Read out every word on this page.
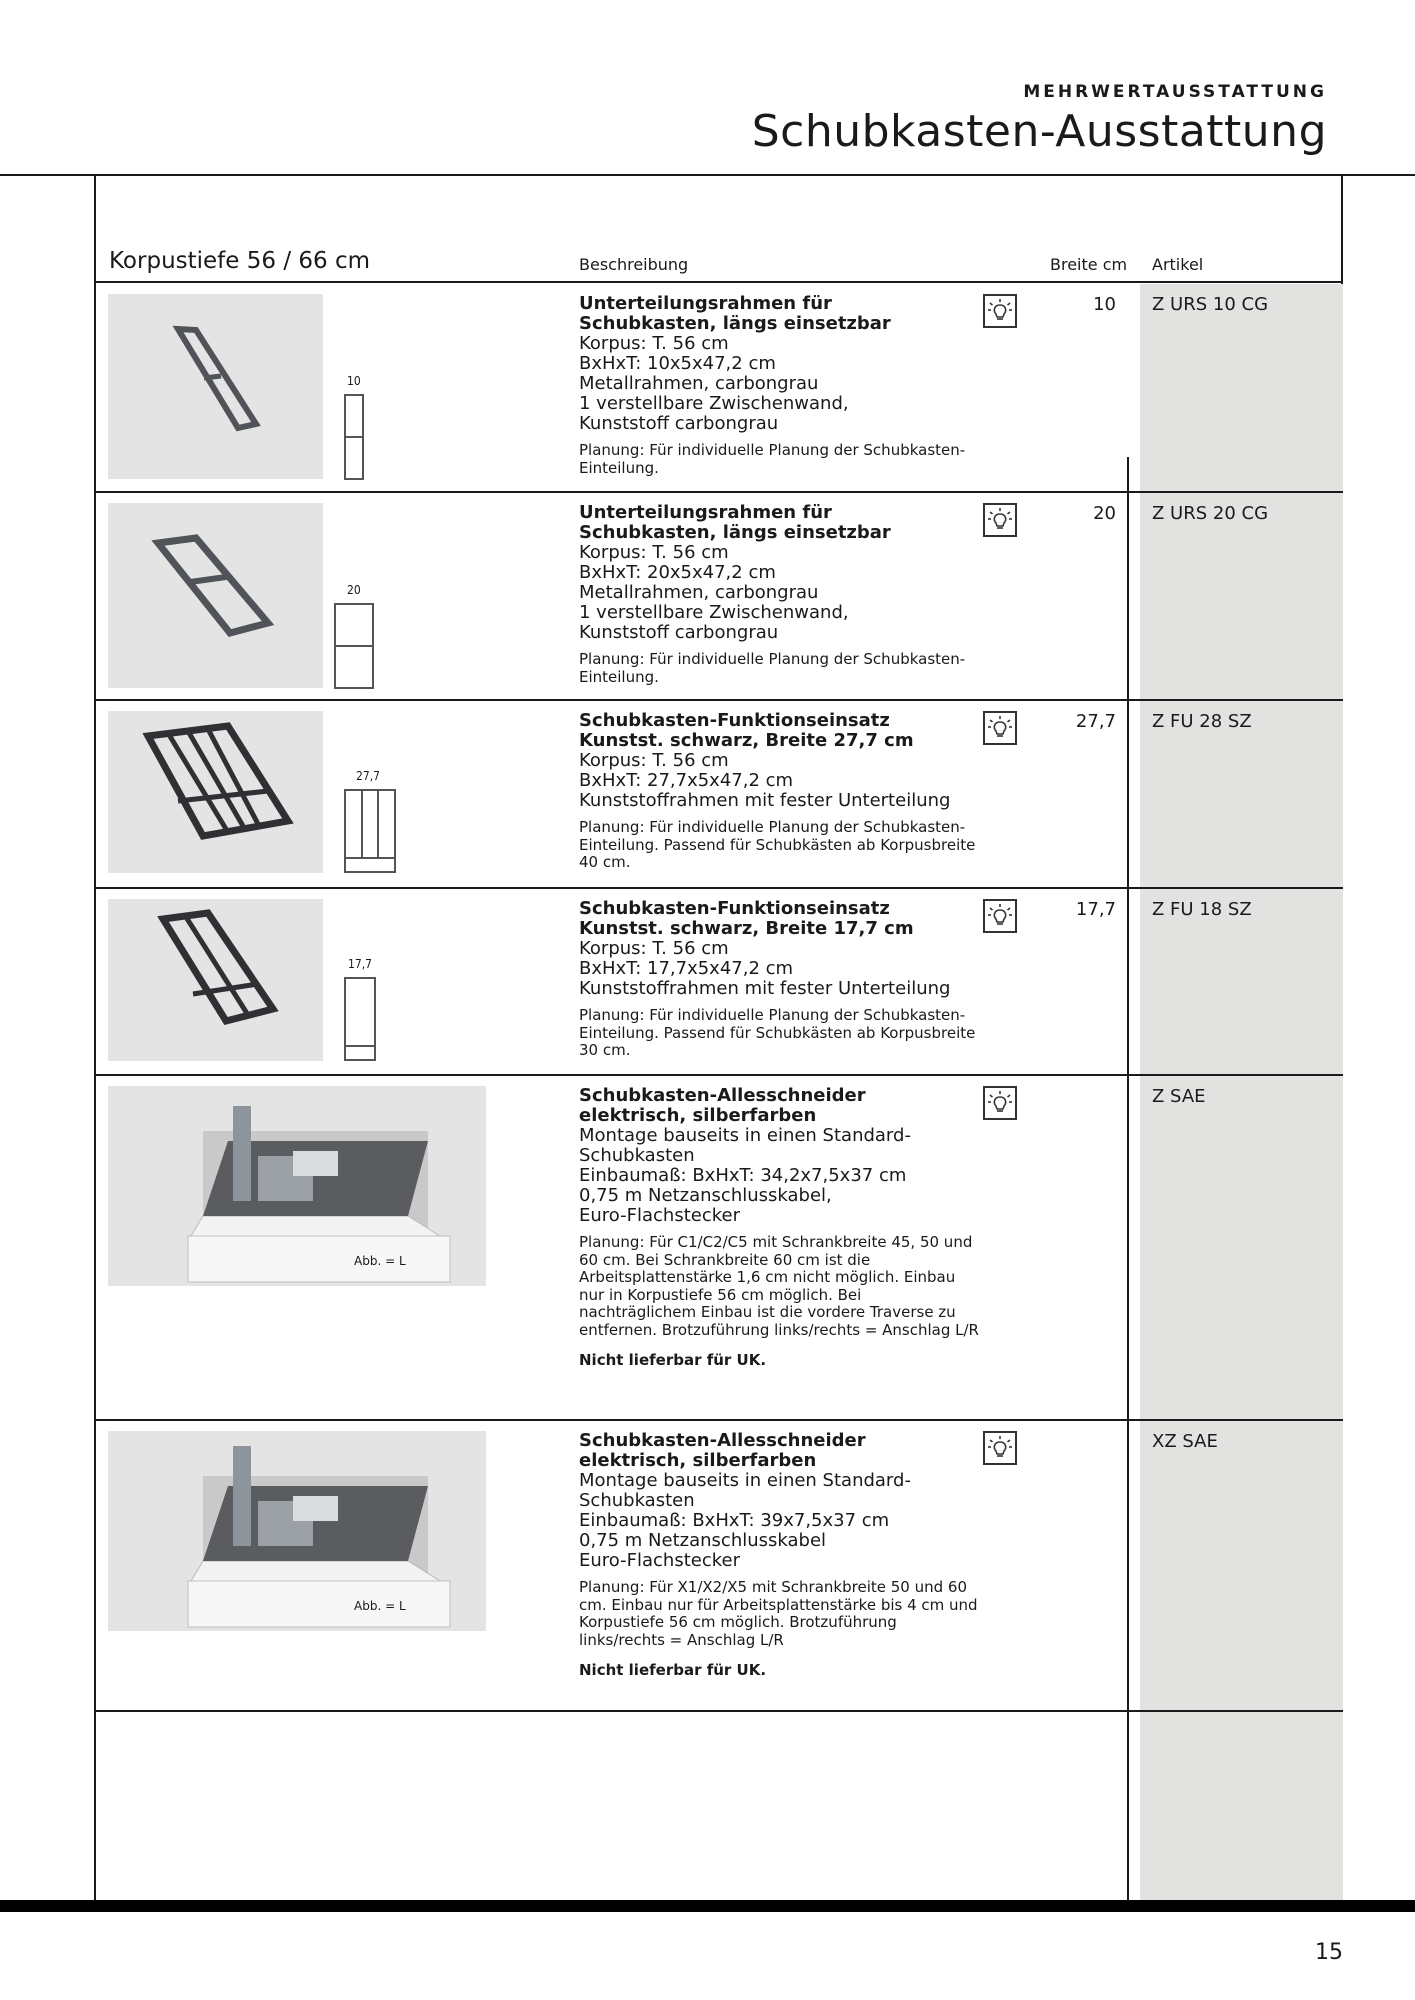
MEHRWERTAUSSTATTUNG
Schubkasten-Ausstattung
Korpustiefe 56 / 66 cm	Beschreibung	Breite cm Artikel
10
Unterteilungsrahmen für
Schubkasten, längs einsetzbar
Korpus: T. 56 cm
BxHxT: 10x5x47,2 cm
Metallrahmen, carbongrau
1 verstellbare Zwischenwand,
Kunststoff carbongrau
Planung: Für individuelle Planung der Schubkasten-Einteilung.
10 Z URS 10 CG
20
Unterteilungsrahmen für
Schubkasten, längs einsetzbar
Korpus: T. 56 cm
BxHxT: 20x5x47,2 cm
Metallrahmen, carbongrau
1 verstellbare Zwischenwand,
Kunststoff carbongrau
Planung: Für individuelle Planung der Schubkasten-Einteilung.
20 Z URS 20 CG
27,7
Schubkasten-Funktionseinsatz
Kunstst. schwarz, Breite 27,7 cm
Korpus: T. 56 cm
BxHxT: 27,7x5x47,2 cm
Kunststoffrahmen mit fester Unterteilung
Planung: Für individuelle Planung der Schubkasten-Einteilung. Passend für Schubkästen ab Korpusbreite 40 cm.
27,7 Z FU 28 SZ
17,7
Schubkasten-Funktionseinsatz
Kunstst. schwarz, Breite 17,7 cm
Korpus: T. 56 cm
BxHxT: 17,7x5x47,2 cm
Kunststoffrahmen mit fester Unterteilung
Planung: Für individuelle Planung der Schubkasten-Einteilung. Passend für Schubkästen ab Korpusbreite 30 cm.
17,7 Z FU 18 SZ
Abb. = L
Schubkasten-Allesschneider
elektrisch, silberfarben
Montage bauseits in einen Standard-
Schubkasten
Einbaumaß: BxHxT: 34,2x7,5x37 cm
0,75 m Netzanschlusskabel,
Euro-Flachstecker
Planung: Für C1/C2/C5 mit Schrankbreite 45, 50 und 60 cm. Bei Schrankbreite 60 cm ist die Arbeitsplattenstärke 1,6 cm nicht möglich. Einbau nur in Korpustiefe 56 cm möglich. Bei nachträglichem Einbau ist die vordere Traverse zu entfernen. Brotzuführung links/rechts = Anschlag L/R
Nicht lieferbar für UK.
Z SAE
Abb. = L
Schubkasten-Allesschneider
elektrisch, silberfarben
Montage bauseits in einen Standard-
Schubkasten
Einbaumaß: BxHxT: 39x7,5x37 cm
0,75 m Netzanschlusskabel
Euro-Flachstecker
Planung: Für X1/X2/X5 mit Schrankbreite 50 und 60 cm. Einbau nur für Arbeitsplattenstärke bis 4 cm und Korpustiefe 56 cm möglich. Brotzuführung links/rechts = Anschlag L/R
Nicht lieferbar für UK.
XZ SAE
15
